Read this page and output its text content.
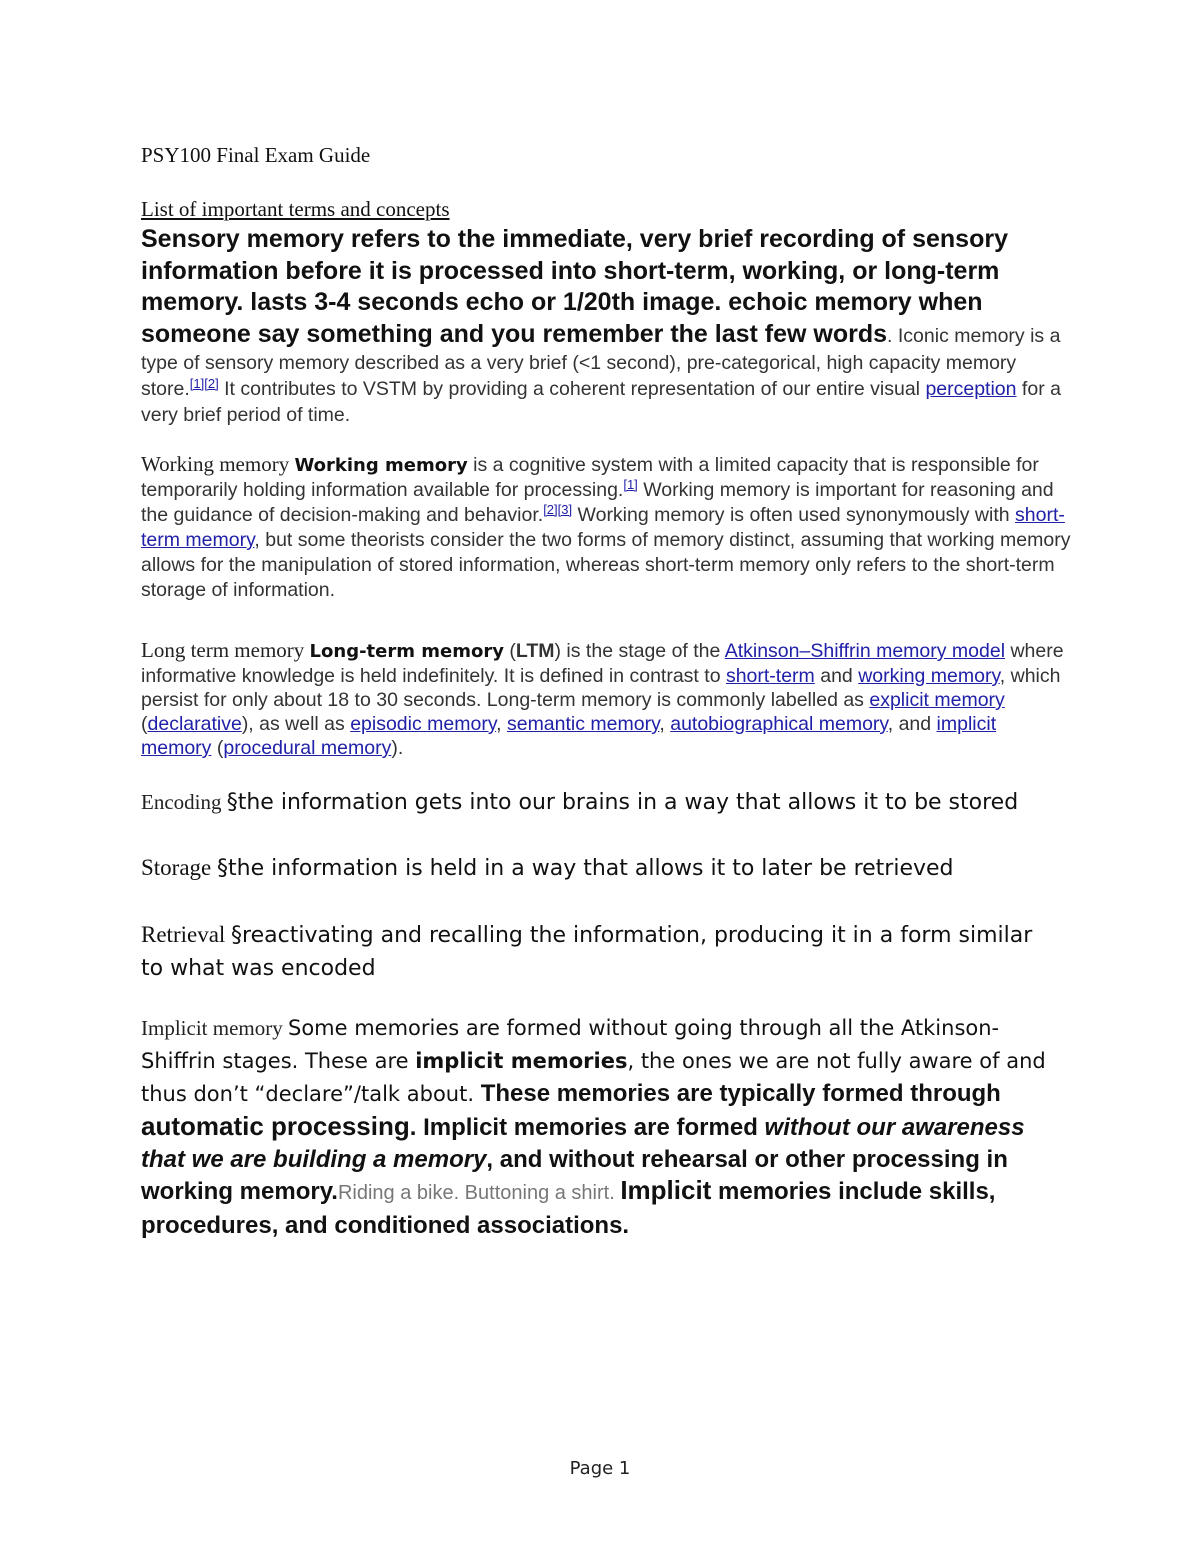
PSY100 Final Exam Guide
List of important terms and concepts
Sensory memory refers to the immediate, very brief recording of sensory information before it is processed into short-term, working, or long-term memory. lasts 3-4 seconds echo or 1/20th image. echoic memory when someone say something and you remember the last few words. Iconic memory is a type of sensory memory described as a very brief (<1 second), pre-categorical, high capacity memory store.[1][2] It contributes to VSTM by providing a coherent representation of our entire visual perception for a very brief period of time.
Working memory Working memory is a cognitive system with a limited capacity that is responsible for temporarily holding information available for processing.[1] Working memory is important for reasoning and the guidance of decision-making and behavior.[2][3] Working memory is often used synonymously with short-term memory, but some theorists consider the two forms of memory distinct, assuming that working memory allows for the manipulation of stored information, whereas short-term memory only refers to the short-term storage of information.
Long term memory Long-term memory (LTM) is the stage of the Atkinson–Shiffrin memory model where informative knowledge is held indefinitely. It is defined in contrast to short-term and working memory, which persist for only about 18 to 30 seconds. Long-term memory is commonly labelled as explicit memory (declarative), as well as episodic memory, semantic memory, autobiographical memory, and implicit memory (procedural memory).
Encoding §the information gets into our brains in a way that allows it to be stored
Storage §the information is held in a way that allows it to later be retrieved
Retrieval §reactivating and recalling the information, producing it in a form similar to what was encoded
Implicit memory Some memories are formed without going through all the Atkinson-Shiffrin stages. These are implicit memories, the ones we are not fully aware of and thus don’t “declare”/talk about. These memories are typically formed through automatic processing. Implicit memories are formed without our awareness that we are building a memory, and without rehearsal or other processing in working memory.Riding a bike. Buttoning a shirt. Implicit memories include skills, procedures, and conditioned associations.
Page 1
